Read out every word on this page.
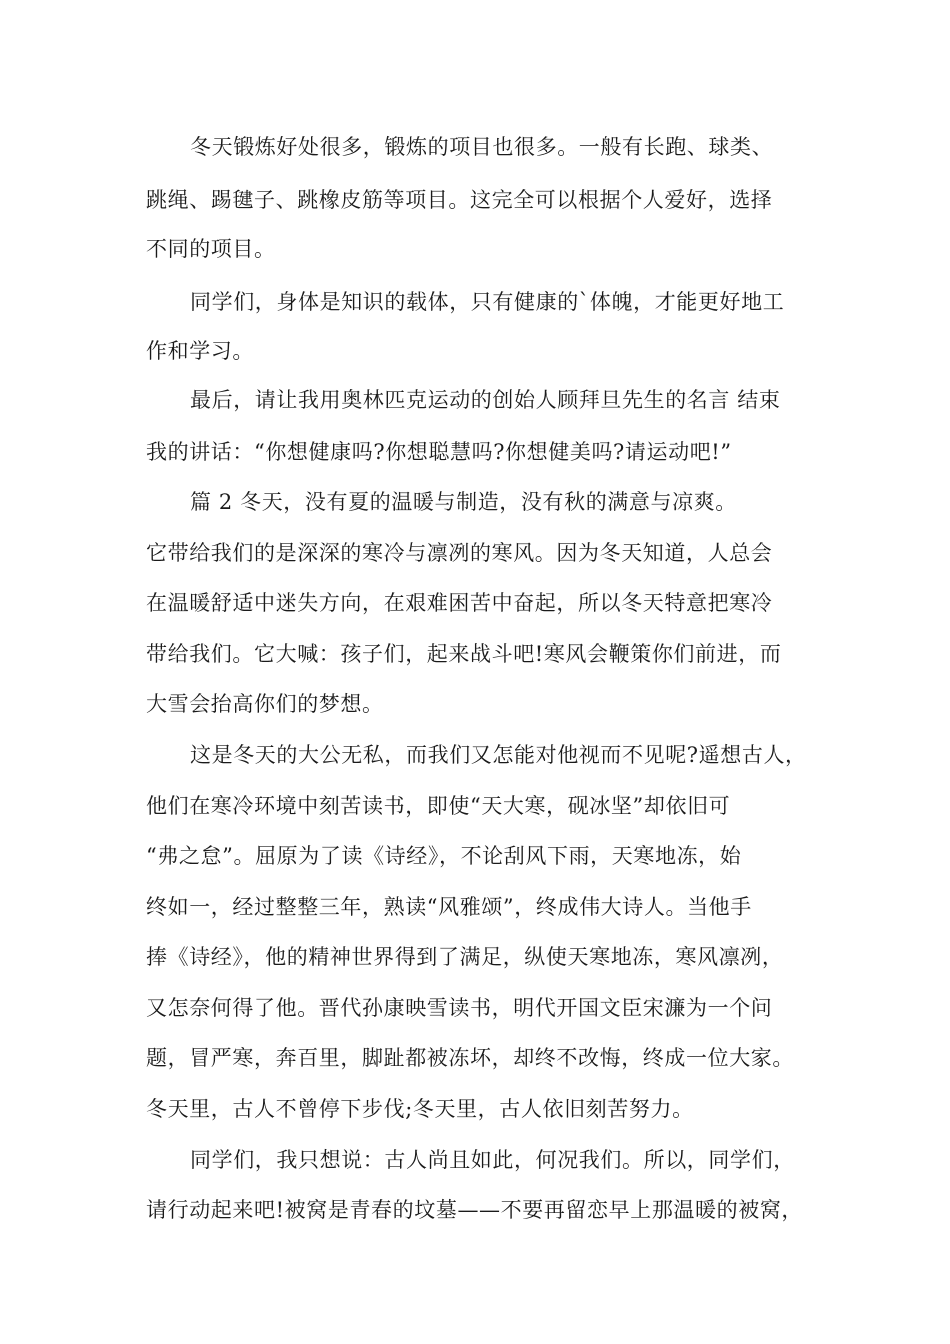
冬天锻炼好处很多，锻炼的项目也很多。一般有长跑、球类、
跳绳、踢毽子、跳橡皮筋等项目。这完全可以根据个人爱好，选择
不同的项目。
同学们，身体是知识的载体，只有健康的`体魄，才能更好地工
作和学习。
最后，请让我用奥林匹克运动的创始人顾拜旦先生的名言 结束
我的讲话：“你想健康吗?你想聪慧吗?你想健美吗?请运动吧!”
篇 2 冬天，没有夏的温暖与制造，没有秋的满意与凉爽。
它带给我们的是深深的寒冷与凛冽的寒风。因为冬天知道，人总会
在温暖舒适中迷失方向，在艰难困苦中奋起，所以冬天特意把寒冷
带给我们。它大喊：孩子们，起来战斗吧!寒风会鞭策你们前进，而
大雪会抬高你们的梦想。
这是冬天的大公无私，而我们又怎能对他视而不见呢?遥想古人，
他们在寒冷环境中刻苦读书，即使“天大寒，砚冰坚”却依旧可
“弗之怠”。屈原为了读《诗经》，不论刮风下雨，天寒地冻，始
终如一，经过整整三年，熟读“风雅颂”，终成伟大诗人。当他手
捧《诗经》，他的精神世界得到了满足，纵使天寒地冻，寒风凛冽，
又怎奈何得了他。晋代孙康映雪读书，明代开国文臣宋濂为一个问
题，冒严寒，奔百里，脚趾都被冻坏，却终不改悔，终成一位大家。
冬天里，古人不曾停下步伐;冬天里，古人依旧刻苦努力。
同学们，我只想说：古人尚且如此，何况我们。所以，同学们，
请行动起来吧!被窝是青春的坟墓——不要再留恋早上那温暖的被窝，
